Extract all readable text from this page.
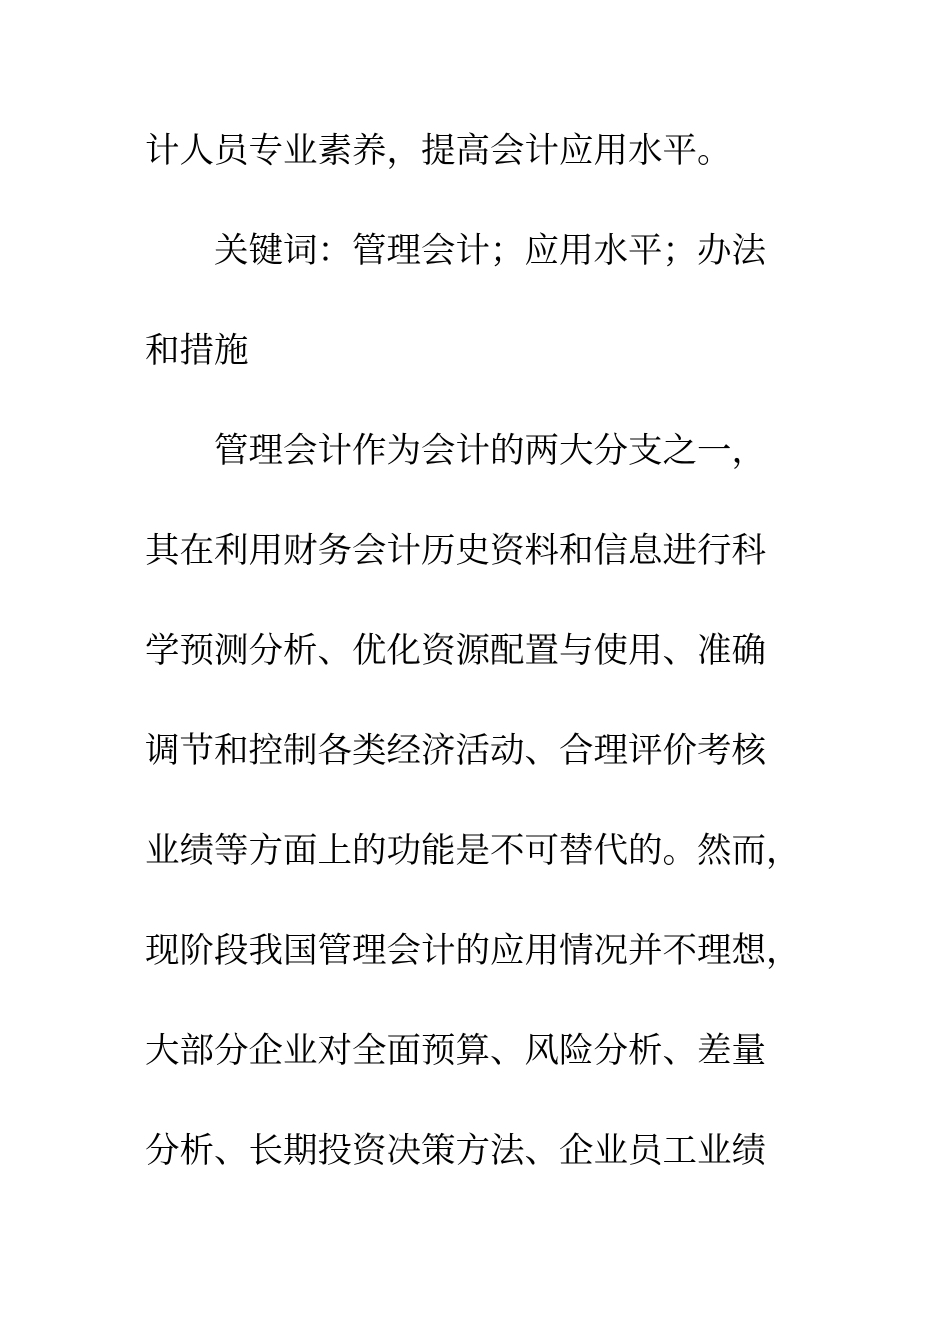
计人员专业素养，提高会计应用水平。
关键词：管理会计；应用水平；办法
和措施
管理会计作为会计的两大分支之一，
其在利用财务会计历史资料和信息进行科
学预测分析、优化资源配置与使用、准确
调节和控制各类经济活动、合理评价考核
业绩等方面上的功能是不可替代的。然而，
现阶段我国管理会计的应用情况并不理想，
大部分企业对全面预算、风险分析、差量
分析、长期投资决策方法、企业员工业绩
